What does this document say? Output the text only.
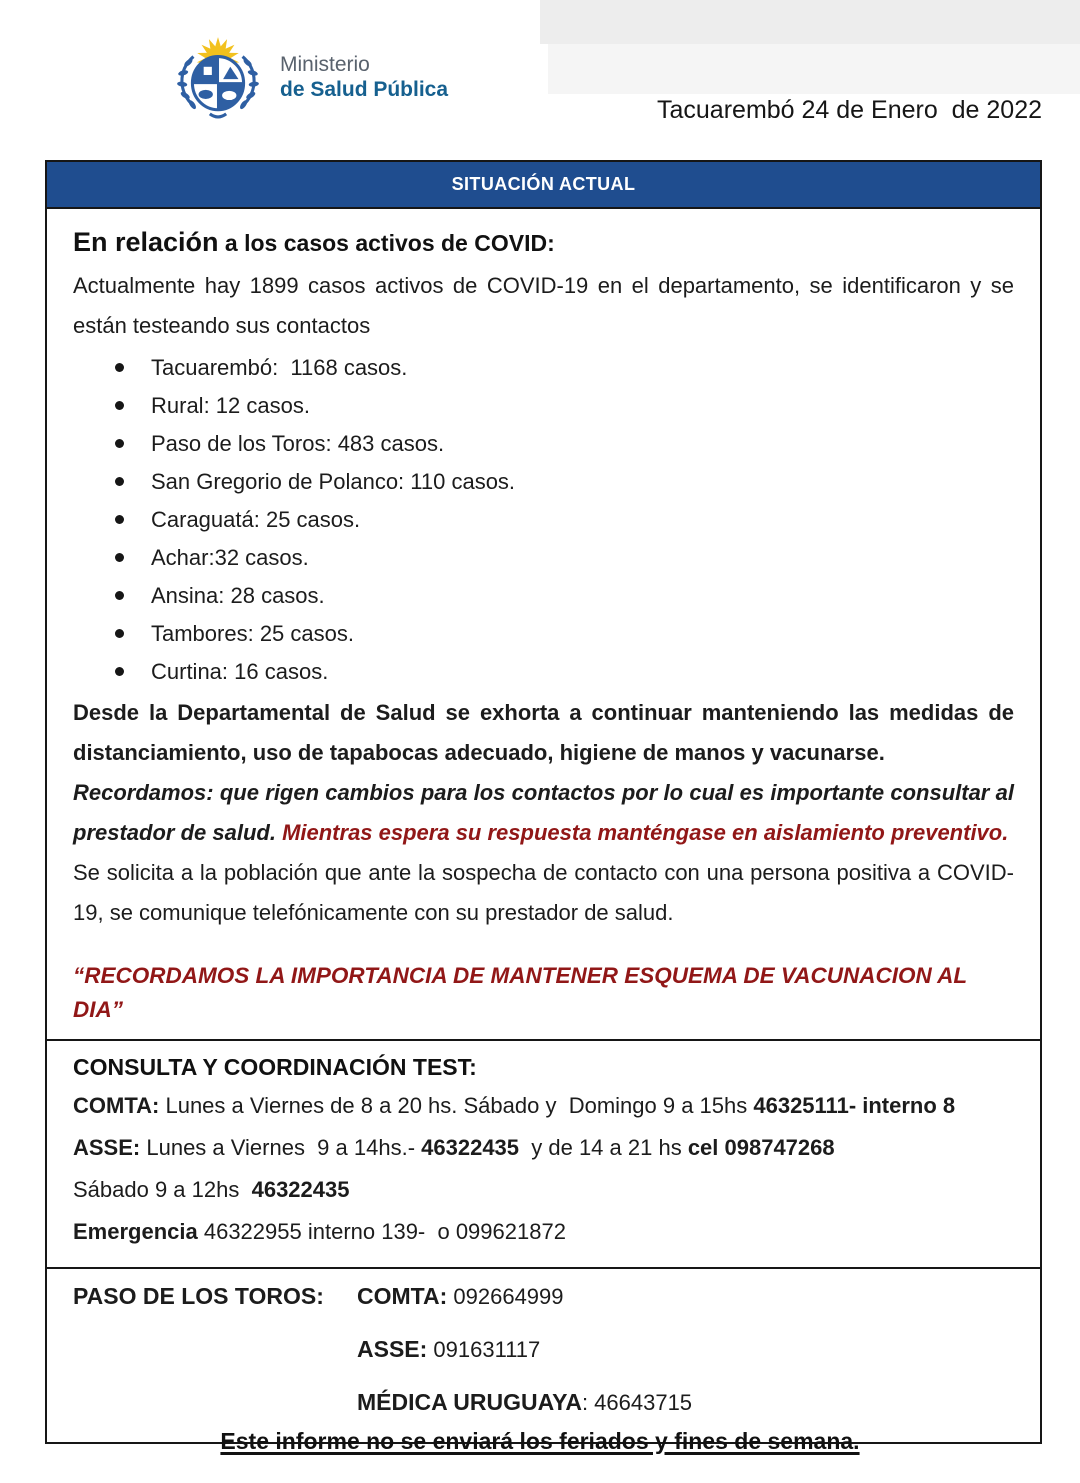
Ministerio
de Salud Pública
Tacuarembó 24 de Enero  de 2022
SITUACIÓN ACTUAL
En relación a los casos activos de COVID:

Actualmente hay 1899 casos activos de COVID-19 en el departamento, se identificaron y se están testeando sus contactos

Tacuarembó:  1168 casos.
Rural: 12 casos.
Paso de los Toros: 483 casos.
San Gregorio de Polanco: 110 casos.
Caraguatá: 25 casos.
Achar:32 casos.
Ansina: 28 casos.
Tambores: 25 casos.
Curtina: 16 casos.

Desde la Departamental de Salud se exhorta a continuar manteniendo las medidas de distanciamiento, uso de tapabocas adecuado, higiene de manos y vacunarse.

Recordamos: que rigen cambios para los contactos por lo cual es importante consultar al prestador de salud. Mientras espera su respuesta manténgase en aislamiento preventivo.

Se solicita a la población que ante la sospecha de contacto con una persona positiva a COVID-19, se comunique telefónicamente con su prestador de salud.

“RECORDAMOS LA IMPORTANCIA DE MANTENER ESQUEMA DE VACUNACION AL DIA”

CONSULTA Y COORDINACIÓN TEST:

COMTA: Lunes a Viernes de 8 a 20 hs. Sábado y  Domingo 9 a 15hs 46325111- interno 8

ASSE: Lunes a Viernes  9 a 14hs.- 46322435  y de 14 a 21 hs cel 098747268

Sábado 9 a 12hs  46322435

Emergencia 46322955 interno 139-  o 099621872

PASO DE LOS TOROS:	COMTA: 092664999

ASSE: 091631117

MÉDICA URUGUAYA: 46643715

Este informe no se enviará los feriados y fines de semana.
